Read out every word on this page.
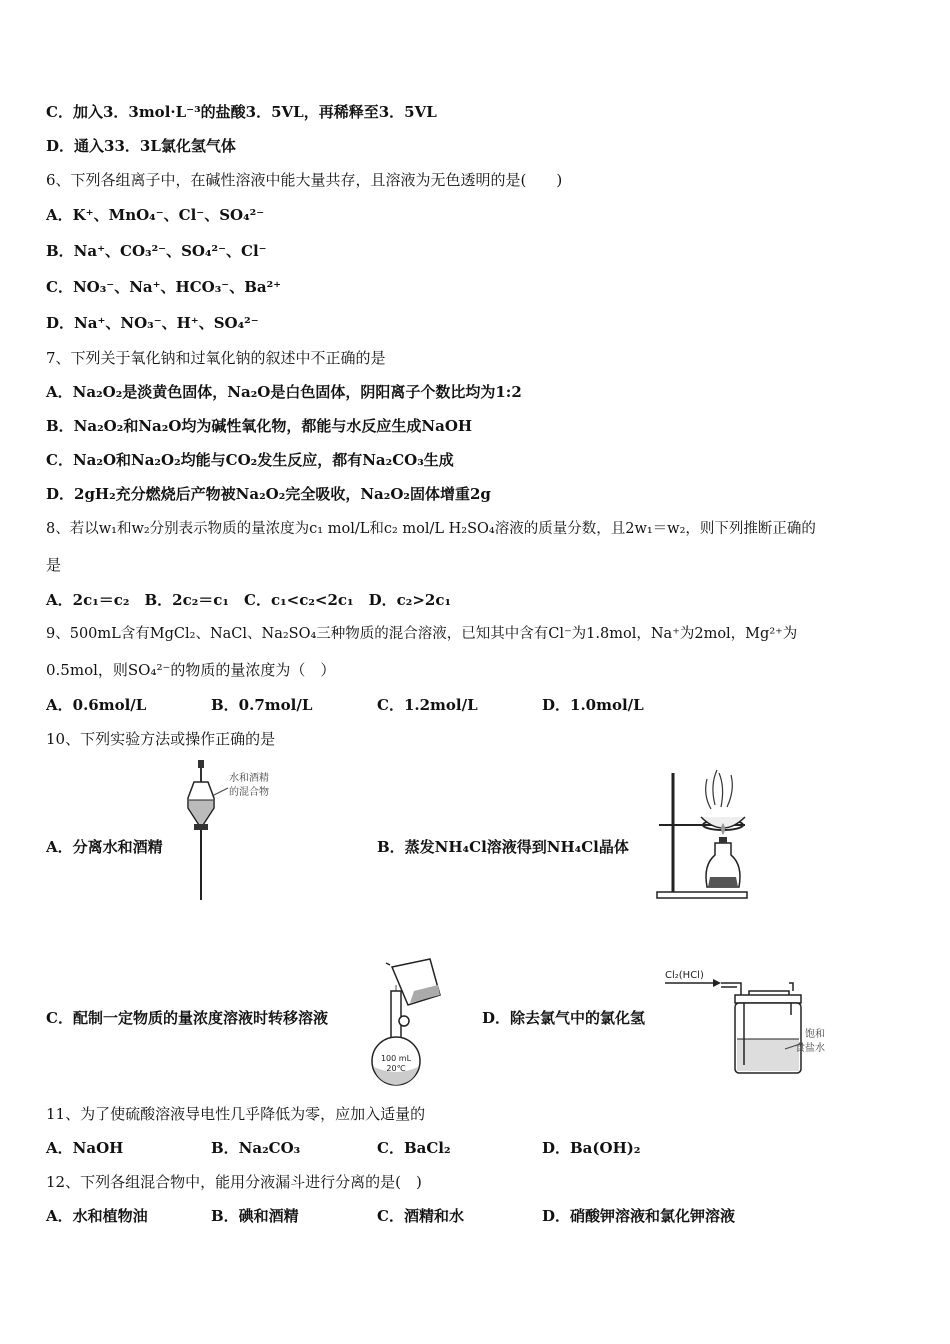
C．加入3．3mol·L⁻³的盐酸3．5VL，再稀释至3．5VL
D．通入33．3L氯化氢气体
6、下列各组离子中，在碱性溶液中能大量共存，且溶液为无色透明的是(　　)
A．K⁺、MnO₄⁻、Cl⁻、SO₄²⁻
B．Na⁺、CO₃²⁻、SO₄²⁻、Cl⁻
C．NO₃⁻、Na⁺、HCO₃⁻、Ba²⁺
D．Na⁺、NO₃⁻、H⁺、SO₄²⁻
7、下列关于氧化钠和过氧化钠的叙述中不正确的是
A．Na₂O₂是淡黄色固体，Na₂O是白色固体，阴阳离子个数比均为1:2
B．Na₂O₂和Na₂O均为碱性氧化物，都能与水反应生成NaOH
C．Na₂O和Na₂O₂均能与CO₂发生反应，都有Na₂CO₃生成
D．2gH₂充分燃烧后产物被Na₂O₂完全吸收，Na₂O₂固体增重2g
8、若以w₁和w₂分别表示物质的量浓度为c₁ mol/L和c₂ mol/L H₂SO₄溶液的质量分数，且2w₁＝w₂，则下列推断正确的
是
A．2c₁＝c₂　B．2c₂＝c₁　C．c₁<c₂<2c₁　D．c₂>2c₁
9、500mL含有MgCl₂、NaCl、Na₂SO₄三种物质的混合溶液，已知其中含有Cl⁻为1.8mol，Na⁺为2mol，Mg²⁺为
0.5mol，则SO₄²⁻的物质的量浓度为（　）
A．0.6mol/L	B．0.7mol/L	C．1.2mol/L	D．1.0mol/L
10、下列实验方法或操作正确的是
A．分离水和酒精	B．蒸发NH₄Cl溶液得到NH₄Cl晶体
C．配制一定物质的量浓度溶液时转移溶液	D．除去氯气中的氯化氢
水和酒精
的混合物
100 mL
20℃
Cl₂(HCl)
饱和
食盐水
11、为了使硫酸溶液导电性几乎降低为零，应加入适量的
A．NaOH	B．Na₂CO₃	C．BaCl₂	D．Ba(OH)₂
12、下列各组混合物中，能用分液漏斗进行分离的是(　)
A．水和植物油	B．碘和酒精	C．酒精和水	D．硝酸钾溶液和氯化钾溶液
